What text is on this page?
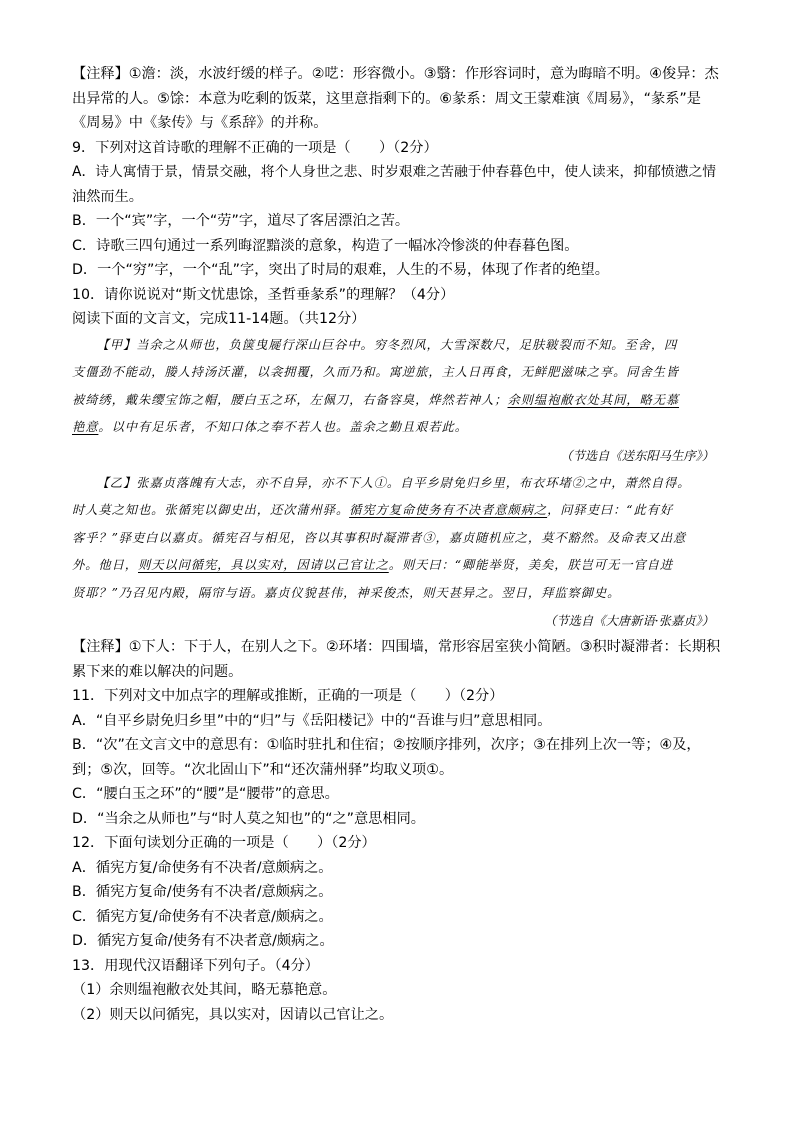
【注释】①澹：淡，水波纡缓的样子。②呓：形容微小。③翳：作形容词时，意为晦暗不明。④俊异：杰
出异常的人。⑤馀：本意为吃剩的饭菜，这里意指剩下的。⑥彖系：周文王蒙难演《周易》，“彖系”是
《周易》中《彖传》与《系辞》的并称。
9．下列对这首诗歌的理解不正确的一项是（　　）（2分）
A．诗人寓情于景，情景交融，将个人身世之悲、时岁艰难之苦融于仲春暮色中，使人读来，抑郁愤懑之情
油然而生。
B．一个“宾”字，一个“劳”字，道尽了客居漂泊之苦。
C．诗歌三四句通过一系列晦涩黯淡的意象，构造了一幅冰冷惨淡的仲春暮色图。
D．一个“穷”字，一个“乱”字，突出了时局的艰难，人生的不易，体现了作者的绝望。
10．请你说说对“斯文忧患馀，圣哲垂彖系”的理解？（4分）
阅读下面的文言文，完成11-14题。（共12分）
【甲】当余之从师也，负箧曳屣行深山巨谷中。穷冬烈风，大雪深数尺，足肤皲裂而不知。至舍，四
支僵劲不能动，媵人持汤沃灌，以衾拥覆，久而乃和。寓逆旅，主人日再食，无鲜肥滋味之享。同舍生皆
被绮绣，戴朱缨宝饰之帽，腰白玉之环，左佩刀，右备容臭，烨然若神人；余则缊袍敝衣处其间，略无慕
艳意。以中有足乐者，不知口体之奉不若人也。盖余之勤且艰若此。
（节选自《送东阳马生序》）
【乙】张嘉贞落魄有大志，亦不自异，亦不下人①。自平乡尉免归乡里，布衣环堵②之中，萧然自得。
时人莫之知也。张循宪以御史出，还次蒲州驿。循宪方复命使务有不决者意颇病之，问驿吏曰：“此有好
客乎？”驿吏白以嘉贞。循宪召与相见，咨以其事积时凝滞者③，嘉贞随机应之，莫不豁然。及命表又出意
外。他日，则天以问循宪，具以实对，因请以己官让之。则天曰：“卿能举贤，美矣，朕岂可无一官自进
贤耶？”乃召见内殿，隔帘与语。嘉贞仪貌甚伟，神采俊杰，则天甚异之。翌日，拜监察御史。
（节选自《大唐新语·张嘉贞》）
【注释】①下人：下于人，在别人之下。②环堵：四围墙，常形容居室狭小简陋。③积时凝滞者：长期积
累下来的难以解决的问题。
11．下列对文中加点字的理解或推断，正确的一项是（　　）（2分）
A．“自平乡尉免归乡里”中的“归”与《岳阳楼记》中的“吾谁与归”意思相同。
B．“次”在文言文中的意思有：①临时驻扎和住宿；②按顺序排列，次序；③在排列上次一等；④及，
到；⑤次，回等。“次北固山下”和“还次蒲州驿”均取义项①。
C．“腰白玉之环”的“腰”是“腰带”的意思。
D．“当余之从师也”与“时人莫之知也”的“之”意思相同。
12．下面句读划分正确的一项是（　　）（2分）
A．循宪方复/命使务有不决者/意颇病之。
B．循宪方复命/使务有不决者/意颇病之。
C．循宪方复/命使务有不决者意/颇病之。
D．循宪方复命/使务有不决者意/颇病之。
13．用现代汉语翻译下列句子。（4分）
（1）余则缊袍敝衣处其间，略无慕艳意。
（2）则天以问循宪，具以实对，因请以己官让之。
